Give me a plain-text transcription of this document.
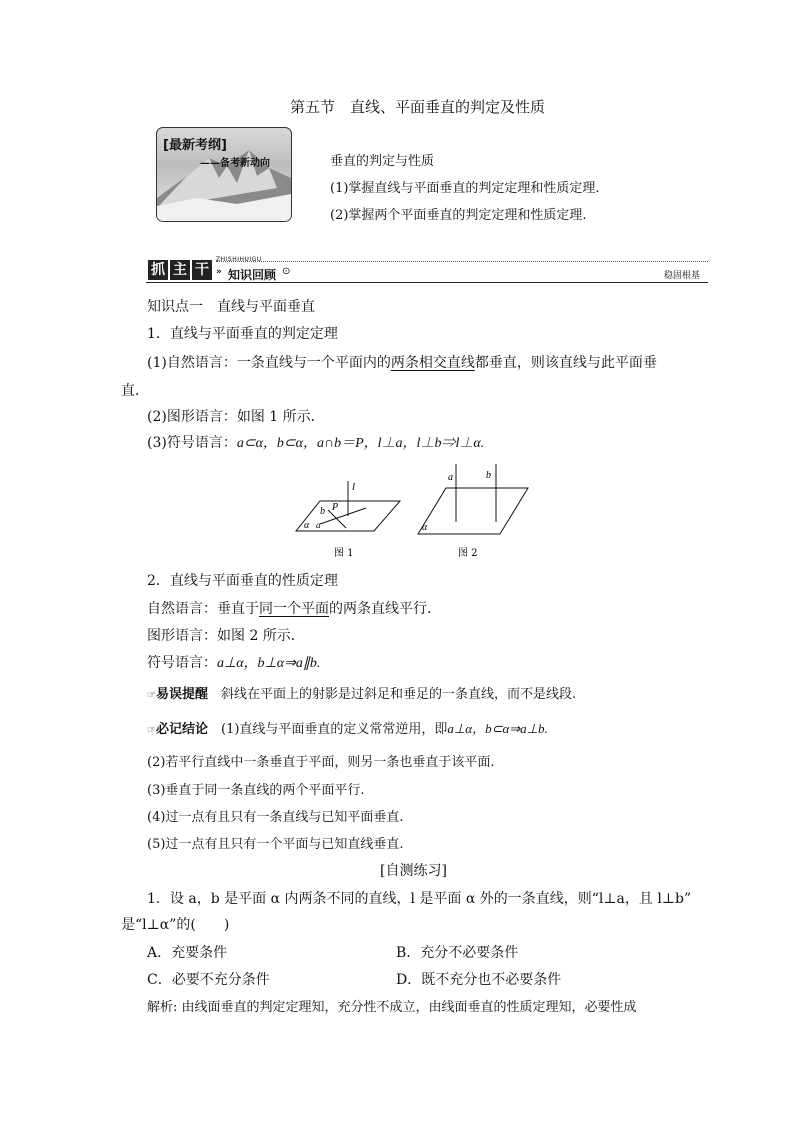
第五节　直线、平面垂直的判定及性质
[最新考纲]
——备考新动向	垂直的判定与性质
(1)掌握直线与平面垂直的判定定理和性质定理.
(2)掌握两个平面垂直的判定定理和性质定理.
抓 主 干
ZHISHIHUIGU
» 知识回顾 ⊙	稳固根基
知识点一　直线与平面垂直
1．直线与平面垂直的判定定理
(1)自然语言：一条直线与一个平面内的两条相交直线都垂直，则该直线与此平面垂
直．
(2)图形语言：如图 1 所示．
(3)符号语言：a⊂α，b⊂α，a∩b＝P，l⊥a，l⊥b⇒l⊥α.
l
b P
a
α
图 1
a	b
α
图 2
2．直线与平面垂直的性质定理
自然语言：垂直于同一个平面的两条直线平行．
图形语言：如图 2 所示．
符号语言：a⊥α，b⊥α⇒a∥b.
☞易误提醒　 斜线在平面上的射影是过斜足和垂足的一条直线，而不是线段.
☞必记结论　 (1)直线与平面垂直的定义常常逆用，即a⊥α，b⊂α⇒a⊥b.
(2)若平行直线中一条垂直于平面，则另一条也垂直于该平面.
(3)垂直于同一条直线的两个平面平行.
(4)过一点有且只有一条直线与已知平面垂直.
(5)过一点有且只有一个平面与已知直线垂直.
[自测练习]
1．设 a，b 是平面 α 内两条不同的直线，l 是平面 α 外的一条直线，则“l⊥a，且 l⊥b”
是“l⊥α”的(　　)
A．充要条件	B．充分不必要条件
C．必要不充分条件	D．既不充分也不必要条件
解析: 由线面垂直的判定定理知，充分性不成立，由线面垂直的性质定理知，必要性成
